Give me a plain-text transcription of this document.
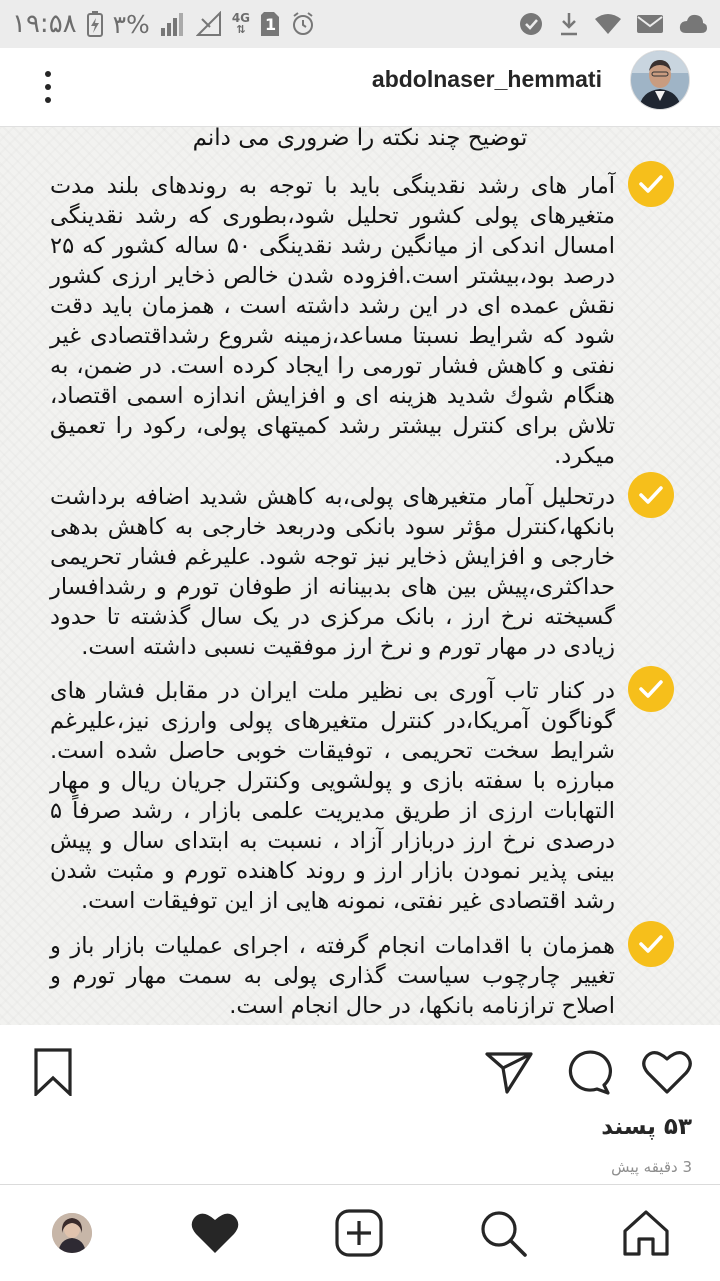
۱۹:۵۸ ۳%	4G
⇅ 1
abdolnaser_hemmati
توضیح چند نکته را ضروری می دانم

آمار های رشد نقدینگی باید با توجه به روندهای بلند مدت متغیرهای پولی کشور تحلیل شود،بطوری که رشد نقدینگی امسال اندکی از میانگین رشد نقدینگی ۵۰ ساله کشور که ۲۵ درصد بود،بیشتر است.افزوده شدن خالص ذخایر ارزی کشور نقش عمده ای در این رشد داشته است ، همزمان باید دقت شود که شرایط نسبتا مساعد،زمینه شروع رشداقتصادی غیر نفتی و کاهش فشار تورمی را ایجاد کرده است. در ضمن، به هنگام شوك شدید هزینه ای و افزایش اندازه اسمی اقتصاد، تلاش برای کنترل بیشتر رشد کمیتهای پولی، رکود را تعمیق میکرد.

درتحلیل آمار متغیرهای پولی،به کاهش شدید اضافه برداشت بانکها،کنترل مؤثر سود بانکی ودربعد خارجی به کاهش بدهی خارجی و افزایش ذخایر نیز توجه شود. علیرغم فشار تحریمی حداکثری،پیش بین های بدبینانه از طوفان تورم و رشدافسار گسیخته نرخ ارز ، بانک مرکزی در یک سال گذشته تا حدود زیادی در مهار تورم و نرخ ارز موفقیت نسبی داشته است.

در کنار تاب آوری بی نظیر ملت ایران در مقابل فشار های گوناگون آمریکا،در کنترل متغیرهای پولی وارزی نیز،علیرغم شرایط سخت تحریمی ، توفیقات خوبی حاصل شده است. مبارزه با سفته بازی و پولشویی وکنترل جریان ریال و مهار التهابات ارزی از طریق مدیریت علمی بازار ، رشد صرفاً ۵ درصدی نرخ ارز دربازار آزاد ، نسبت به ابتدای سال و پیش بینی پذیر نمودن بازار ارز و روند کاهنده تورم و مثبت شدن رشد اقتصادی غیر نفتی، نمونه هایی از این توفیقات است.

همزمان با اقدامات انجام گرفته ، اجرای عملیات بازار باز و تغییر چارچوب سیاست گذاری پولی به سمت مهار تورم و اصلاح ترازنامه بانکها، در حال انجام است.

۵۳ پسند
3 دقیقه پیش
